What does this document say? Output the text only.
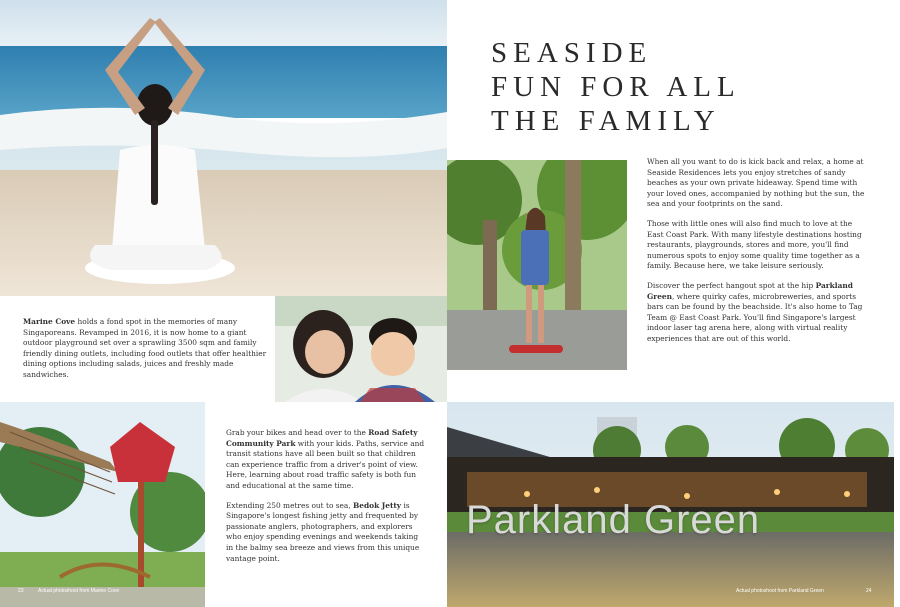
SEASIDE
FUN FOR ALL
THE FAMILY
23	Actual photoshoot from Marine Cove
Parkland Green
Actual photoshoot from Parkland Green	24

When all you want to do is kick back and relax, a home at Seaside Residences lets you enjoy stretches of sandy beaches as your own private hideaway. Spend time with your loved ones, accompanied by nothing but the sun, the sea and your footprints on the sand.

Those with little ones will also find much to love at the East Coast Park. With many lifestyle destinations hosting restaurants, playgrounds, stores and more, you'll find numerous spots to enjoy some quality time together as a family. Because here, we take leisure seriously.

Discover the perfect hangout spot at the hip Parkland Green, where quirky cafes, microbreweries, and sports bars can be found by the beachside. It's also home to Tag Team @ East Coast Park. You'll find Singapore's largest indoor laser tag arena here, along with virtual reality experiences that are out of this world.

Marine Cove holds a fond spot in the memories of many Singaporeans. Revamped in 2016, it is now home to a giant outdoor playground set over a sprawling 3500 sqm and family friendly dining outlets, including food outlets that offer healthier dining options including salads, juices and freshly made sandwiches.

Grab your bikes and head over to the Road Safety Community Park with your kids. Paths, service and transit stations have all been built so that children can experience traffic from a driver's point of view. Here, learning about road traffic safety is both fun and educational at the same time.

Extending 250 metres out to sea, Bedok Jetty is Singapore's longest fishing jetty and frequented by passionate anglers, photographers, and explorers who enjoy spending evenings and weekends taking in the balmy sea breeze and views from this unique vantage point.
